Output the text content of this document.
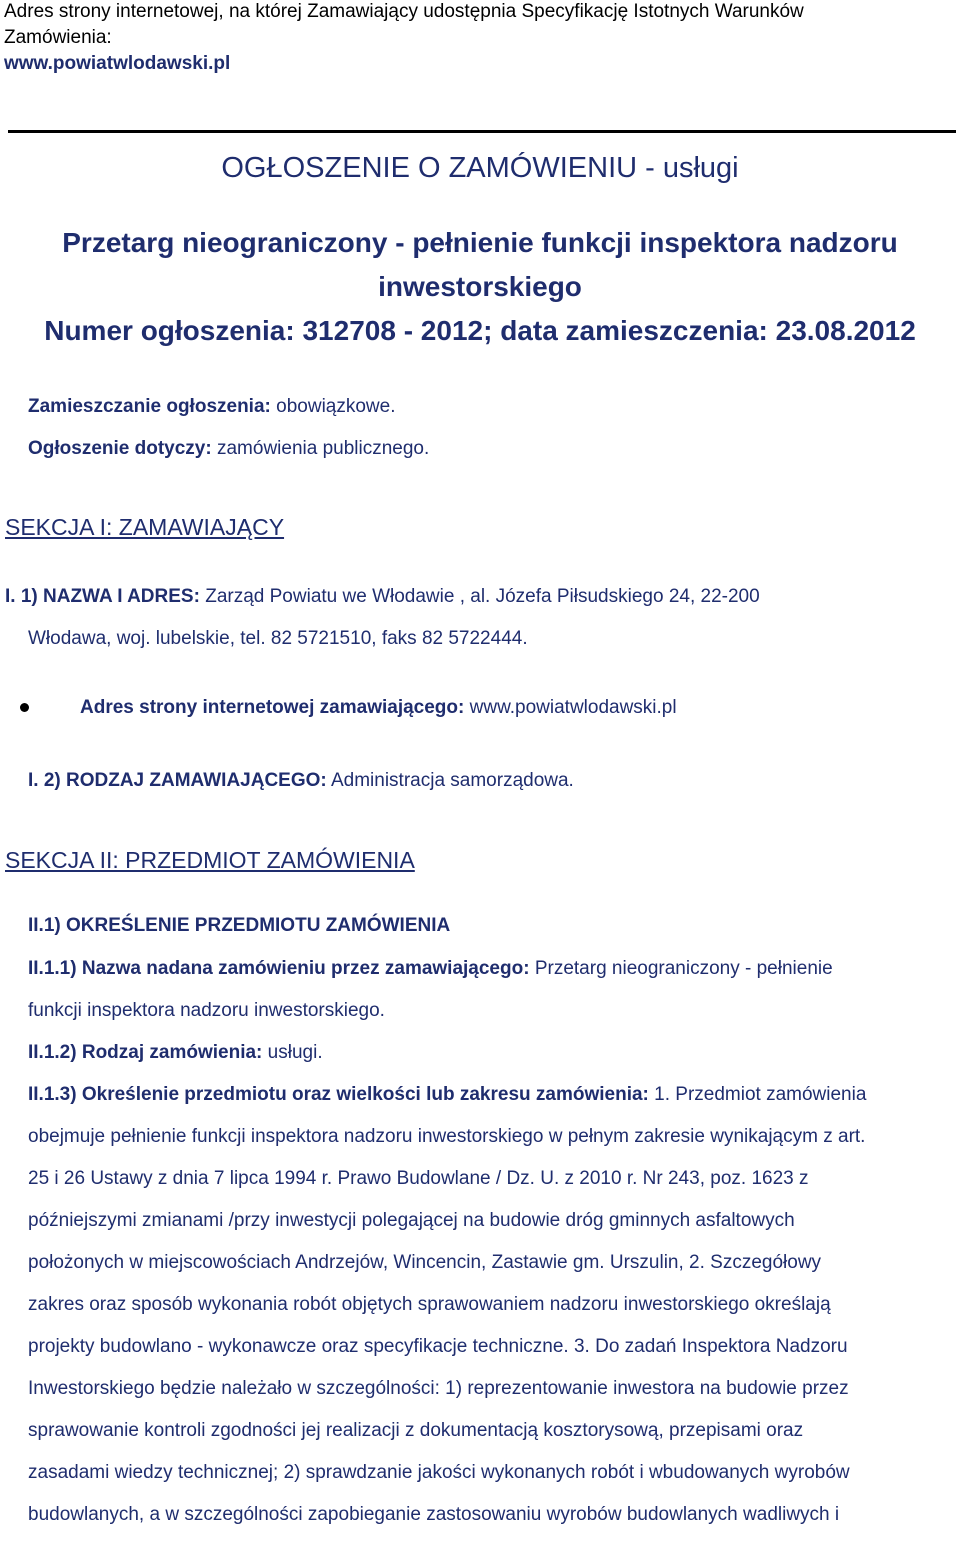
Adres strony internetowej, na której Zamawiający udostępnia Specyfikację Istotnych Warunków
Zamówienia:
www.powiatwlodawski.pl
OGŁOSZENIE O ZAMÓWIENIU - usługi
Przetarg nieograniczony - pełnienie funkcji inspektora nadzoru
inwestorskiego
Numer ogłoszenia: 312708 - 2012; data zamieszczenia: 23.08.2012
Zamieszczanie ogłoszenia: obowiązkowe.
Ogłoszenie dotyczy: zamówienia publicznego.
SEKCJA I: ZAMAWIAJĄCY
I. 1) NAZWA I ADRES: Zarząd Powiatu we Włodawie , al. Józefa Piłsudskiego 24, 22-200
Włodawa, woj. lubelskie, tel. 82 5721510, faks 82 5722444.
Adres strony internetowej zamawiającego: www.powiatwlodawski.pl
I. 2) RODZAJ ZAMAWIAJĄCEGO: Administracja samorządowa.
SEKCJA II: PRZEDMIOT ZAMÓWIENIA
II.1) OKREŚLENIE PRZEDMIOTU ZAMÓWIENIA
II.1.1) Nazwa nadana zamówieniu przez zamawiającego: Przetarg nieograniczony - pełnienie
funkcji inspektora nadzoru inwestorskiego.
II.1.2) Rodzaj zamówienia: usługi.
II.1.3) Określenie przedmiotu oraz wielkości lub zakresu zamówienia: 1. Przedmiot zamówienia
obejmuje pełnienie funkcji inspektora nadzoru inwestorskiego w pełnym zakresie wynikającym z art.
25 i 26 Ustawy z dnia 7 lipca 1994 r. Prawo Budowlane / Dz. U. z 2010 r. Nr 243, poz. 1623 z
późniejszymi zmianami /przy inwestycji polegającej na budowie dróg gminnych asfaltowych
położonych w miejscowościach Andrzejów, Wincencin, Zastawie gm. Urszulin, 2. Szczegółowy
zakres oraz sposób wykonania robót objętych sprawowaniem nadzoru inwestorskiego określają
projekty budowlano - wykonawcze oraz specyfikacje techniczne. 3. Do zadań Inspektora Nadzoru
Inwestorskiego będzie należało w szczególności: 1) reprezentowanie inwestora na budowie przez
sprawowanie kontroli zgodności jej realizacji z dokumentacją kosztorysową, przepisami oraz
zasadami wiedzy technicznej; 2) sprawdzanie jakości wykonanych robót i wbudowanych wyrobów
budowlanych, a w szczególności zapobieganie zastosowaniu wyrobów budowlanych wadliwych i
